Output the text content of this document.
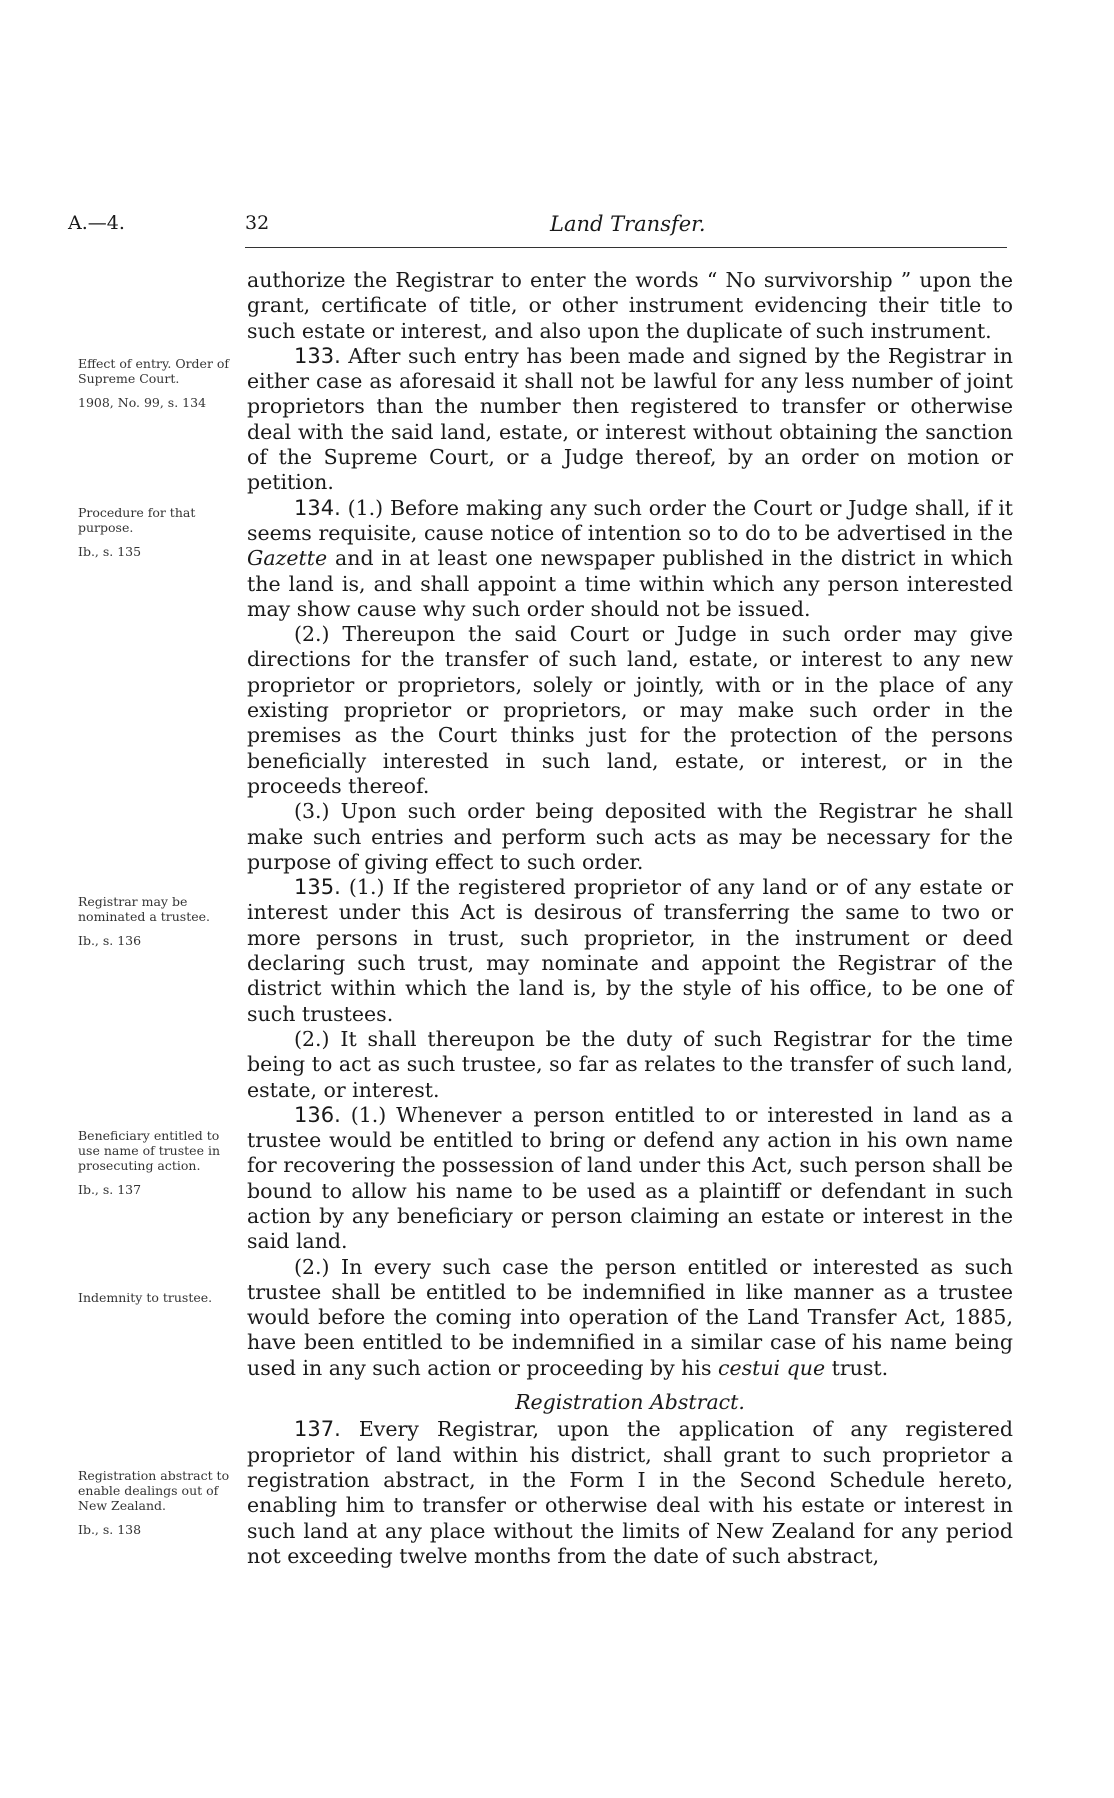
A.—4.	32	Land Transfer.
Effect of entry. Order of Supreme Court.
1908, No. 99, s. 134
Procedure for that purpose.
Ib., s. 135
Registrar may be nominated a trustee.
Ib., s. 136
Beneficiary entitled to use name of trustee in prosecuting action.
Ib., s. 137
Indemnity to trustee.
Registration abstract to enable dealings out of New Zealand.
Ib., s. 138

authorize the Registrar to enter the words “ No survivorship ” upon the grant, certificate of title, or other instrument evidencing their title to such estate or interest, and also upon the duplicate of such instrument.

133. After such entry has been made and signed by the Registrar in either case as aforesaid it shall not be lawful for any less number of joint proprietors than the number then registered to transfer or otherwise deal with the said land, estate, or interest without obtaining the sanction of the Supreme Court, or a Judge thereof, by an order on motion or petition.

134. (1.) Before making any such order the Court or Judge shall, if it seems requisite, cause notice of intention so to do to be advertised in the Gazette and in at least one newspaper published in the district in which the land is, and shall appoint a time within which any person interested may show cause why such order should not be issued.

(2.) Thereupon the said Court or Judge in such order may give directions for the transfer of such land, estate, or interest to any new proprietor or proprietors, solely or jointly, with or in the place of any existing proprietor or proprietors, or may make such order in the premises as the Court thinks just for the protection of the persons beneficially interested in such land, estate, or interest, or in the proceeds thereof.

(3.) Upon such order being deposited with the Registrar he shall make such entries and perform such acts as may be necessary for the purpose of giving effect to such order.

135. (1.) If the registered proprietor of any land or of any estate or interest under this Act is desirous of transferring the same to two or more persons in trust, such proprietor, in the instrument or deed declaring such trust, may nominate and appoint the Registrar of the district within which the land is, by the style of his office, to be one of such trustees.

(2.) It shall thereupon be the duty of such Registrar for the time being to act as such trustee, so far as relates to the transfer of such land, estate, or interest.

136. (1.) Whenever a person entitled to or interested in land as a trustee would be entitled to bring or defend any action in his own name for recovering the possession of land under this Act, such person shall be bound to allow his name to be used as a plaintiff or defendant in such action by any beneficiary or person claiming an estate or interest in the said land.

(2.) In every such case the person entitled or interested as such trustee shall be entitled to be indemnified in like manner as a trustee would before the coming into operation of the Land Transfer Act, 1885, have been entitled to be indemnified in a similar case of his name being used in any such action or proceeding by his cestui que trust.

Registration Abstract.

137. Every Registrar, upon the application of any registered proprietor of land within his district, shall grant to such proprietor a registration abstract, in the Form I in the Second Schedule hereto, enabling him to transfer or otherwise deal with his estate or interest in such land at any place without the limits of New Zealand for any period not exceeding twelve months from the date of such abstract,
